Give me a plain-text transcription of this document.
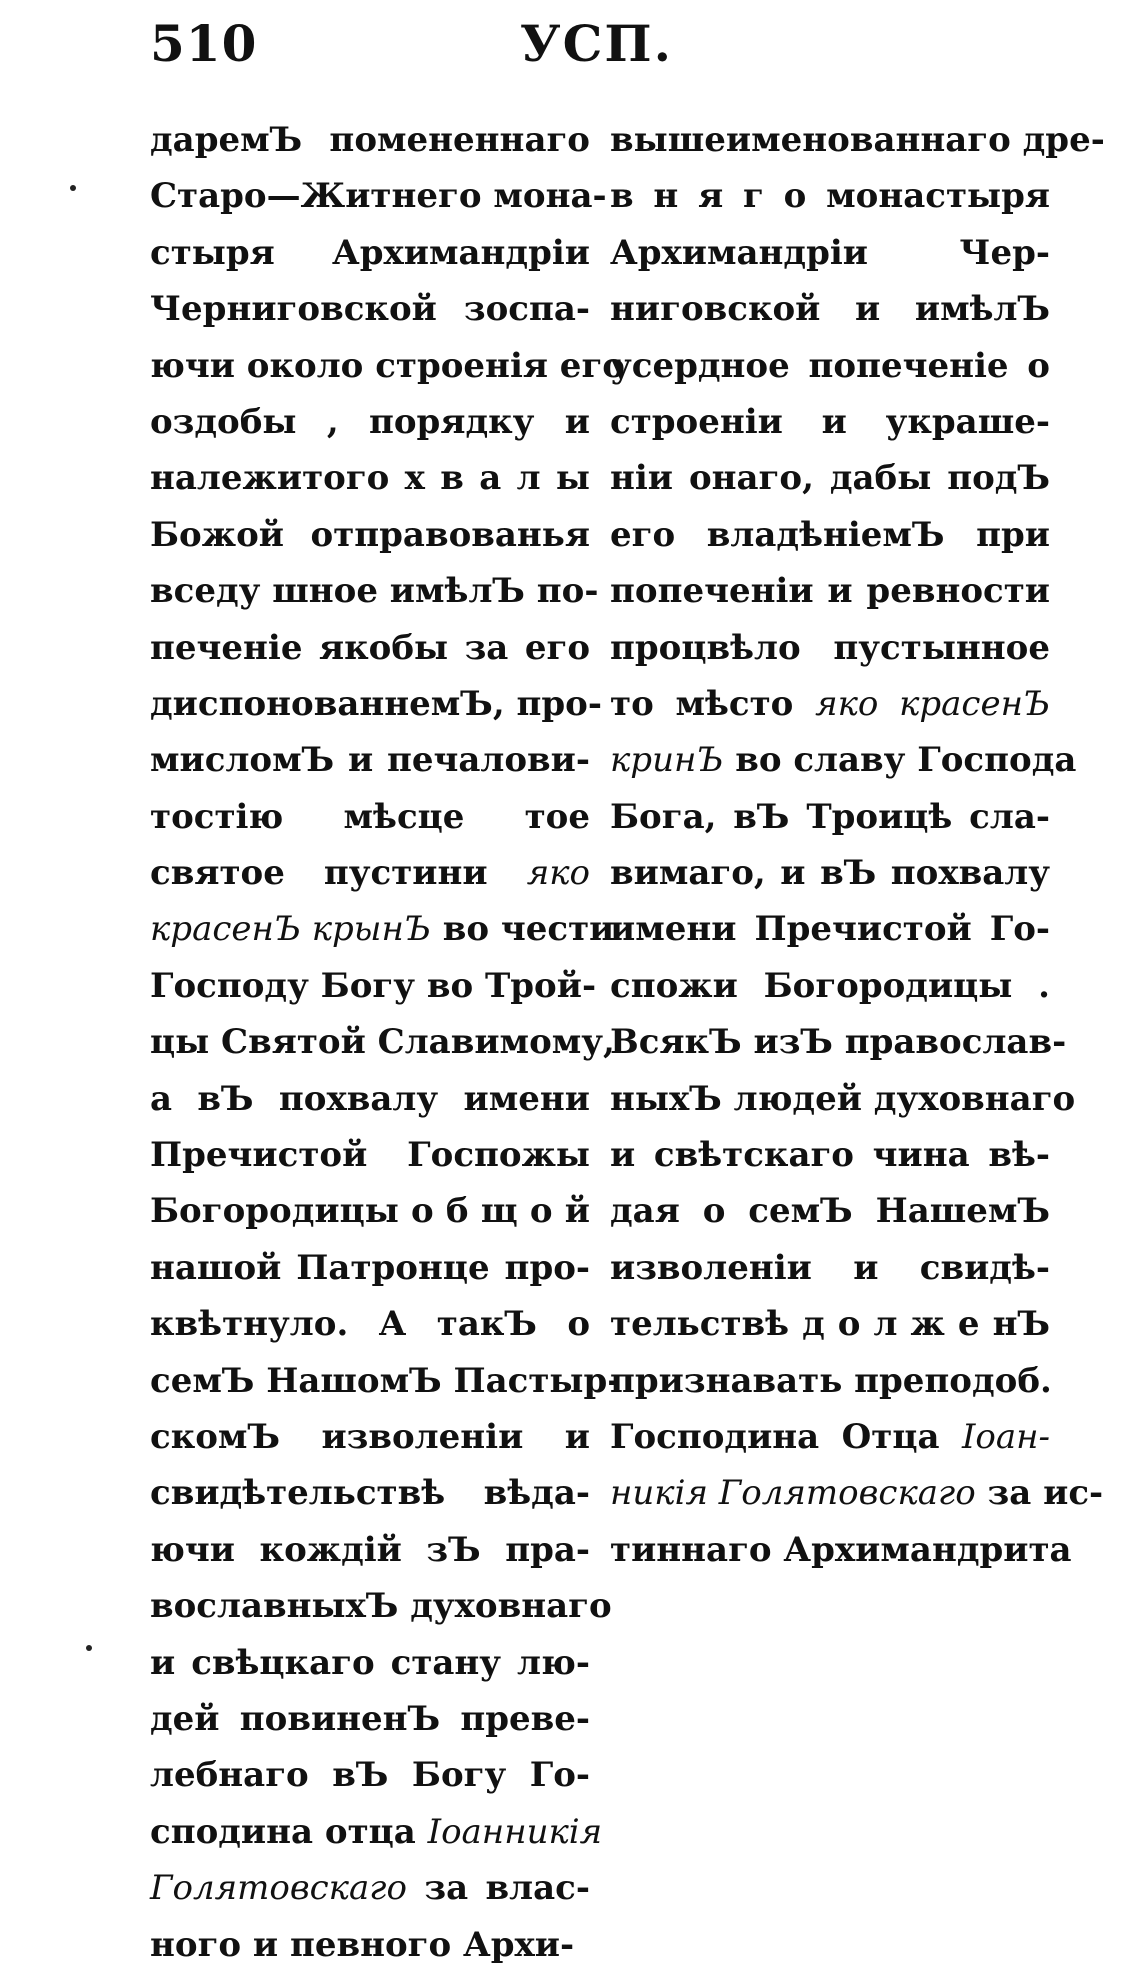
510	УСП.
даремЪ помененнаго
Старо—Житнего мона-
стыря Архимандріи
Черниговской зоспа-
ючи около строенія его
оздобы , порядку и
належитого х в а л ы
Божой отправованья
вседу шное имѣлЪ по-
печеніе якобы за его
диспонованнемЪ, про-
мисломЪ и печалови-
тостію мѣсце тое
святое пустини яко
красенЪ крынЪ во чести
Господу Богу во Трой-
цы Святой Славимому,
а вЪ похвалу имени
Пречистой Госпожы
Богородицы о б щ о й
нашой Патронце про-
квѣтнуло. А такЪ о
семЪ НашомЪ Пастыр-
скомЪ изволеніи и
свидѣтельствѣ вѣда-
ючи кождій зЪ пра-
вославныхЪ духовнаго
и свѣцкаго стану лю-
дей повиненЪ преве-
лебнаго вЪ Богу Го-
сподина отца Іоанникія
Голятовскаго за влас-
ного и певного Архи-
вышеименованнаго дре-
в н я г о монастыря
Архимандріи Чер-
ниговской и имѣлЪ
усердное попеченіе о
строеніи и украше-
ніи онаго, дабы подЪ
его владѣніемЪ при
попеченіи и ревности
процвѣло пустынное
то мѣсто яко красенЪ
кринЪ во славу Господа
Бога, вЪ Троицѣ сла-
вимаго, и вЪ похвалу
имени Пречистой Го-
спожи Богородицы .
ВсякЪ изЪ православ-
ныхЪ людей духовнаго
и свѣтскаго чина вѣ-
дая о семЪ НашемЪ
изволеніи и свидѣ-
тельствѣ д о л ж е нЪ
признавать преподоб.
Господина Отца Іоан-
никія Голятовскаго за ис-
тиннаго Архимандрита
